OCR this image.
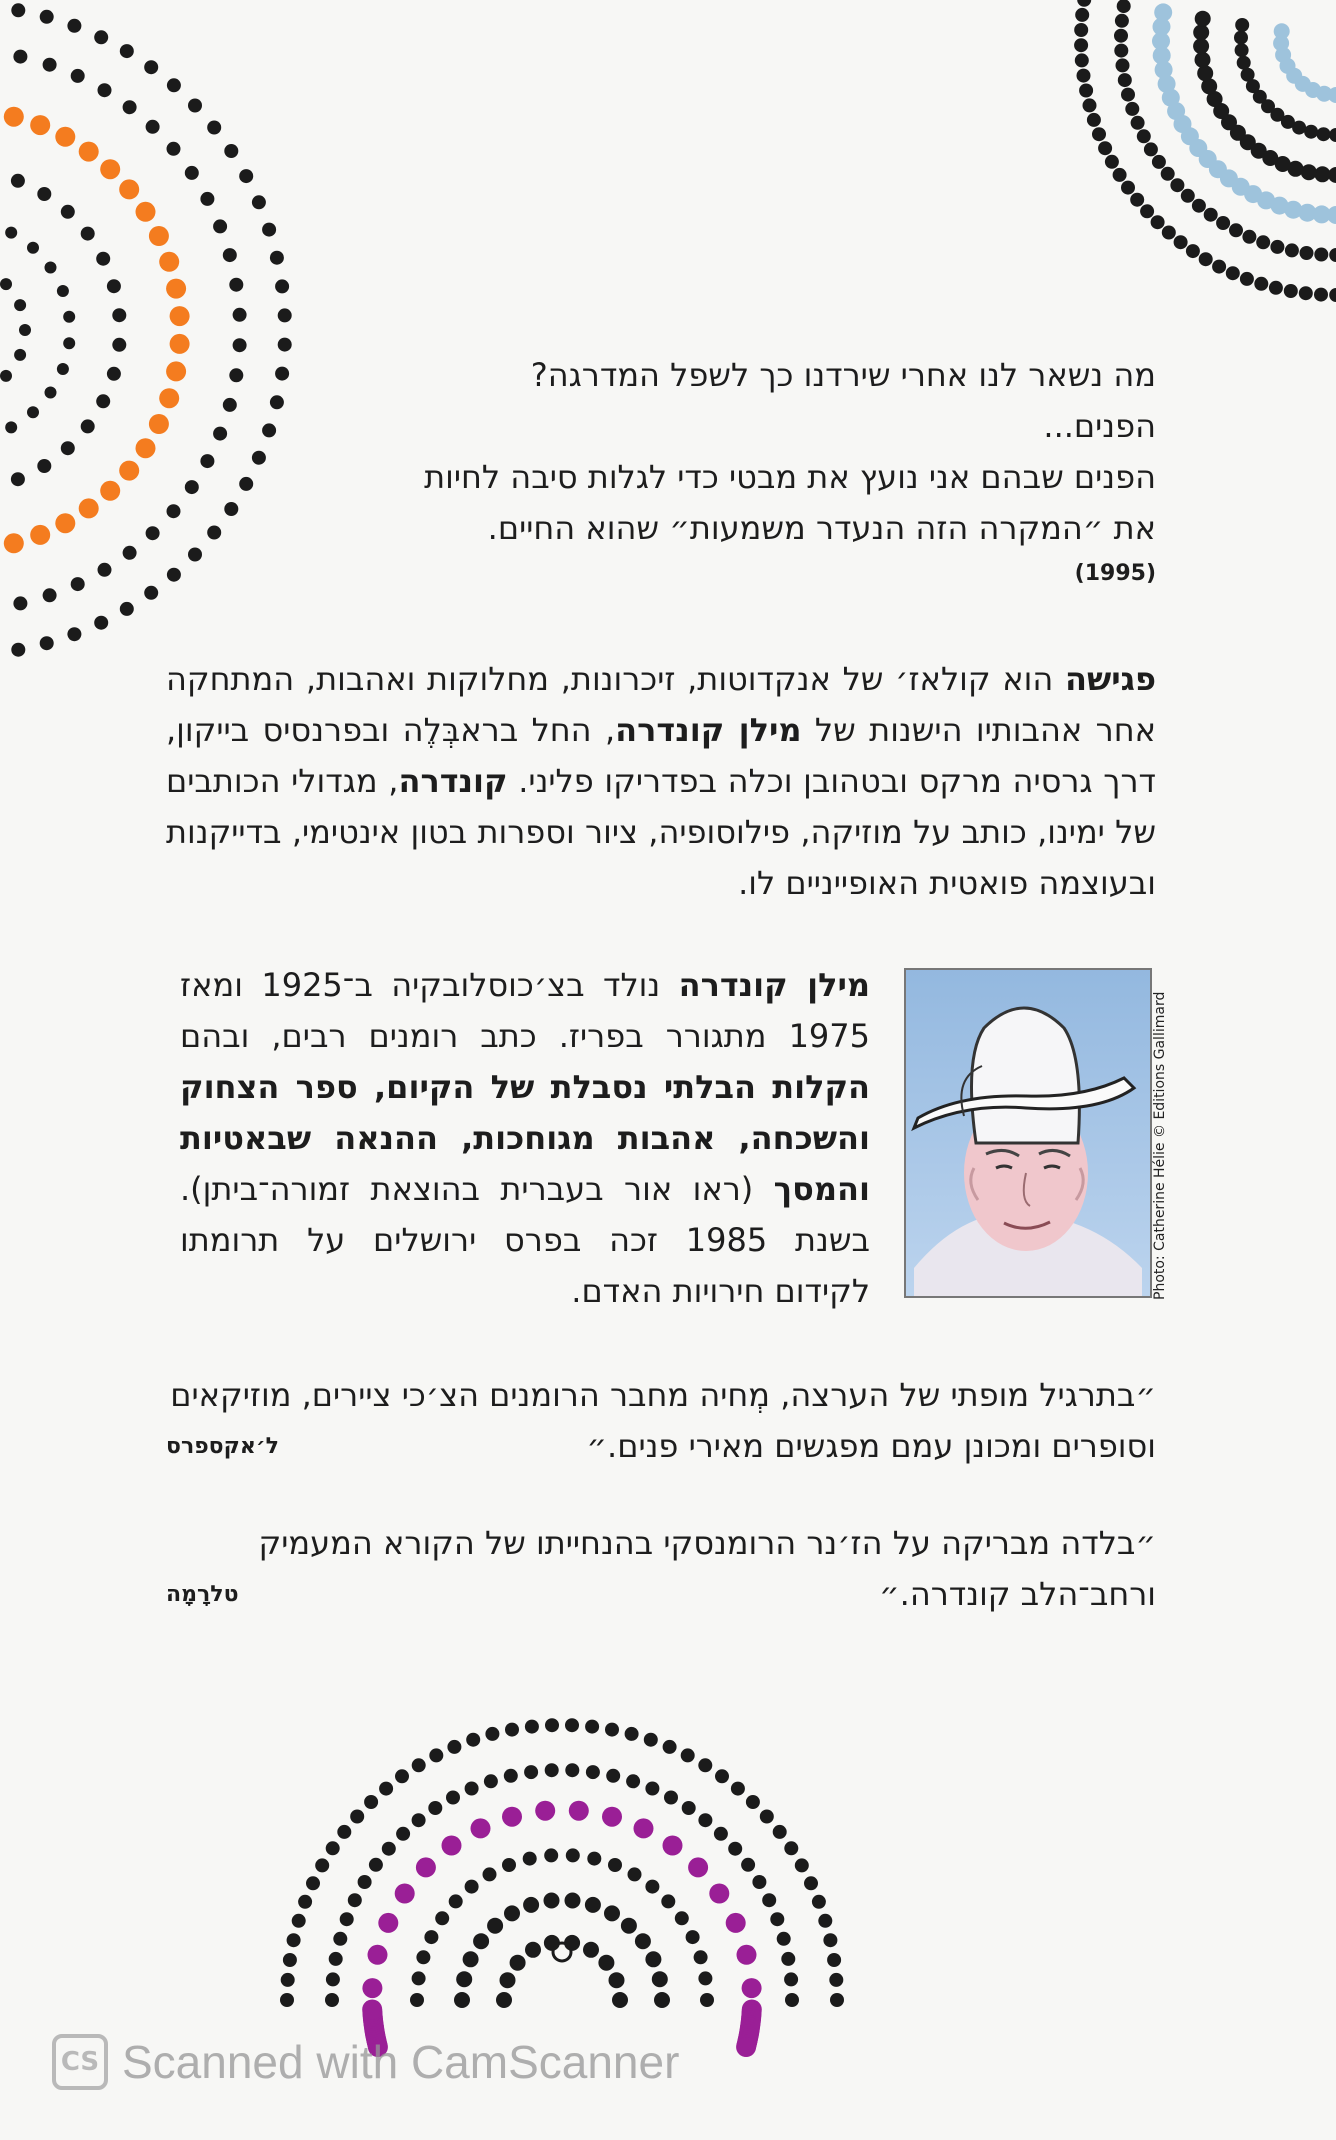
מה נשאר לנו אחרי שירדנו כך לשפל המדרגה?
הפנים...
הפנים שבהם אני נועץ את מבטי כדי לגלות סיבה לחיות
את ״המקרה הזה הנעדר משמעות״ שהוא החיים.
(1995)
פגישה הוא קולאז׳ של אנקדוטות, זיכרונות, מחלוקות ואהבות, המתחקה אחר אהבותיו הישנות של מילן קונדרה, החל בראבְּלֶה ובפרנסיס בייקון, דרך גרסיה מרקס ובטהובן וכלה בפדריקו פליני. קונדרה, מגדולי הכותבים של ימינו, כותב על מוזיקה, פילוסופיה, ציור וספרות בטון אינטימי, בדייקנות ובעוצמה פואטית האופייניים לו.
מילן קונדרה נולד בצ׳כוסלובקיה ב־1925 ומאז 1975 מתגורר בפריז. כתב רומנים רבים, ובהם הקלות הבלתי נסבלת של הקיום, ספר הצחוק והשכחה, אהבות מגוחכות, ההנאה שבאטיות והמסך (ראו אור בעברית בהוצאת זמורה־ביתן). בשנת 1985 זכה בפרס ירושלים על תרומתו לקידום חירויות האדם.	Photo: Catherine Hélie © Editions Gallimard
״בתרגיל מופתי של הערצה, מְחיה מחבר הרומנים הצ׳כי ציירים, מוזיקאים וסופרים ומכונן עמם מפגשים מאירי פנים.״
ל׳אקספרס
״בלדה מבריקה על הז׳נר הרומנסקי בהנחייתו של הקורא המעמיק ורחב־הלב קונדרה.״
טלרָמָה
CS Scanned with CamScanner
